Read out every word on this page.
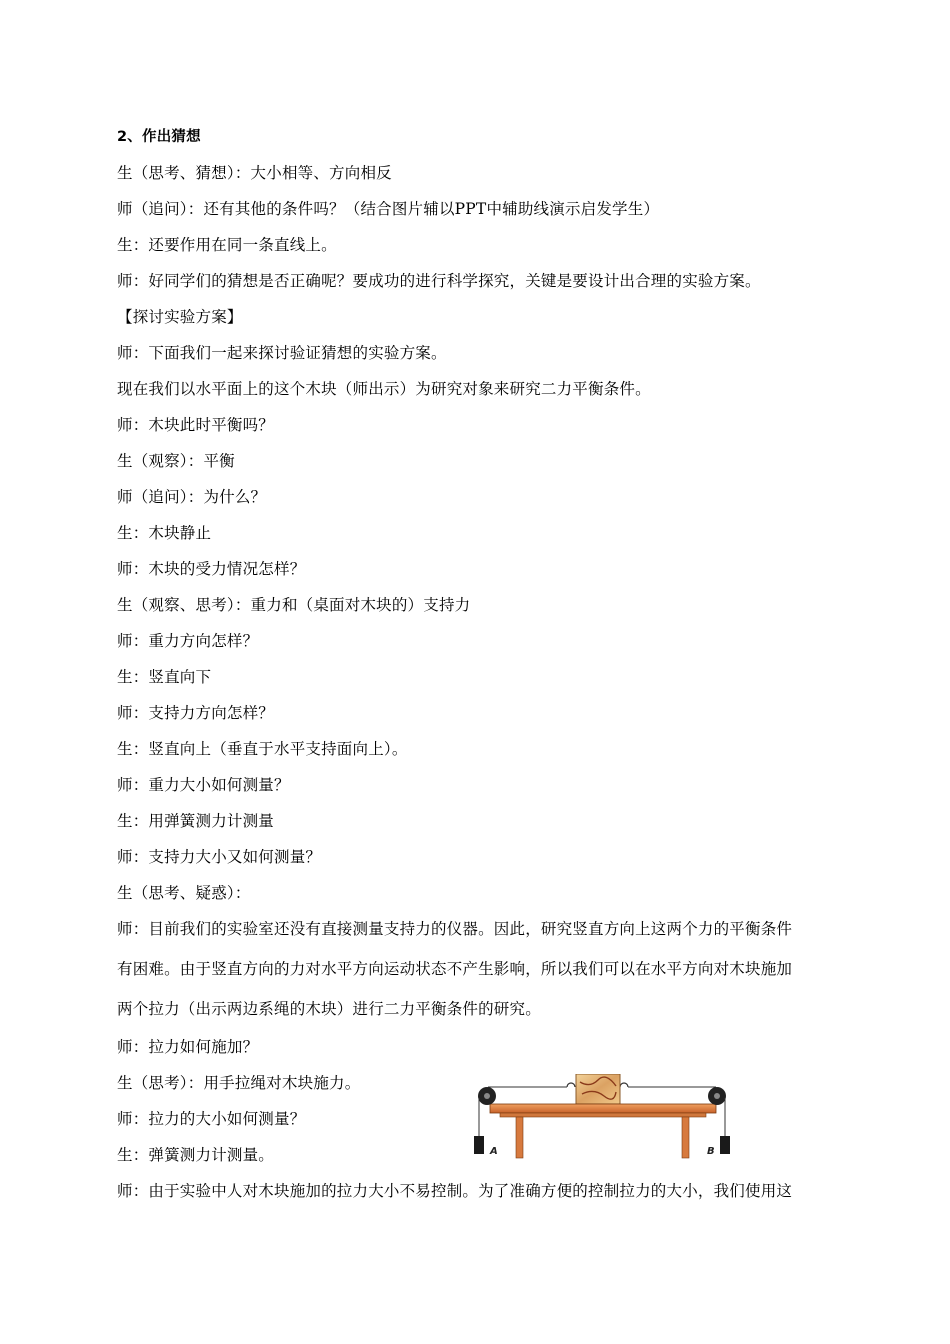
2、作出猜想
生（思考、猜想）：大小相等、方向相反
师（追问）：还有其他的条件吗？（结合图片辅以PPT中辅助线演示启发学生）
生：还要作用在同一条直线上。
师：好同学们的猜想是否正确呢？要成功的进行科学探究，关键是要设计出合理的实验方案。
【探讨实验方案】
师：下面我们一起来探讨验证猜想的实验方案。
现在我们以水平面上的这个木块（师出示）为研究对象来研究二力平衡条件。
师：木块此时平衡吗？
生（观察）：平衡
师（追问）：为什么？
生：木块静止
师：木块的受力情况怎样？
生（观察、思考）：重力和（桌面对木块的）支持力
师：重力方向怎样？
生：竖直向下
师：支持力方向怎样？
生：竖直向上（垂直于水平支持面向上）。
师：重力大小如何测量？
生：用弹簧测力计测量
师：支持力大小又如何测量？
生（思考、疑惑）：
师：目前我们的实验室还没有直接测量支持力的仪器。因此，研究竖直方向上这两个力的平衡条件
有困难。由于竖直方向的力对水平方向运动状态不产生影响，所以我们可以在水平方向对木块施加
两个拉力（出示两边系绳的木块）进行二力平衡条件的研究。
师：拉力如何施加？
生（思考）：用手拉绳对木块施力。
师：拉力的大小如何测量？
生：弹簧测力计测量。
师：由于实验中人对木块施加的拉力大小不易控制。为了准确方便的控制拉力的大小，我们使用这
A	B
